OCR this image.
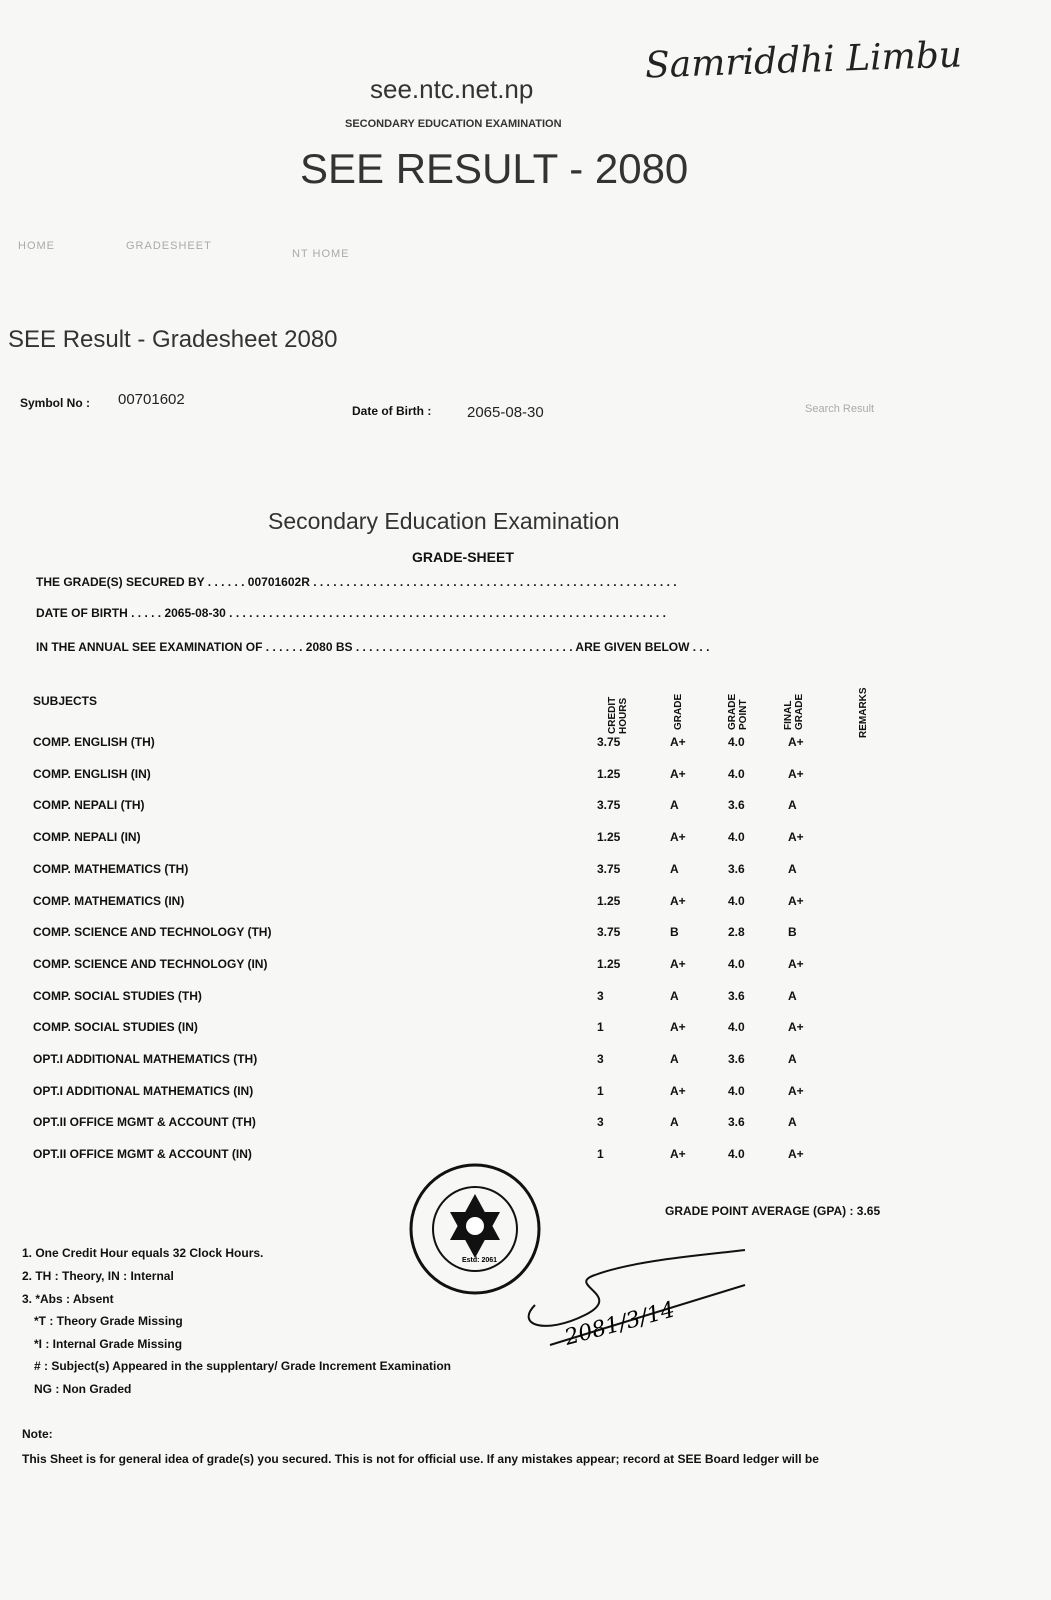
Samriddhi Limbu
see.ntc.net.np
SECONDARY EDUCATION EXAMINATION
SEE RESULT - 2080
HOME	GRADESHEET
NT HOME
SEE Result - Gradesheet 2080
Symbol No : 00701602
Date of Birth : 2065-08-30	Search Result
Secondary Education Examination
GRADE-SHEET
THE GRADE(S) SECURED BY . . . . . . 00701602R . . . . . . . . . . . . . . . . . . . . . . . . . . . . . . . . . . . . . . . . . . . . . . . . . . . . . . .
DATE OF BIRTH . . . . . 2065-08-30 . . . . . . . . . . . . . . . . . . . . . . . . . . . . . . . . . . . . . . . . . . . . . . . . . . . . . . . . . . . . . . . . . .
IN THE ANNUAL SEE EXAMINATION OF . . . . . . 2080 BS . . . . . . . . . . . . . . . . . . . . . . . . . . . . . . . . . ARE GIVEN BELOW . . .
SUBJECTS	CREDIT HOURS	GRADE	GRADE POINT	FINAL GRADE	REMARKS
COMP. ENGLISH (TH)	3.75	A+	4.0	A+
COMP. ENGLISH (IN)	1.25	A+	4.0	A+
COMP. NEPALI (TH)	3.75	A	3.6	A
COMP. NEPALI (IN)	1.25	A+	4.0	A+
COMP. MATHEMATICS (TH)	3.75	A	3.6	A
COMP. MATHEMATICS (IN)	1.25	A+	4.0	A+
COMP. SCIENCE AND TECHNOLOGY (TH)	3.75	B	2.8	B
COMP. SCIENCE AND TECHNOLOGY (IN)	1.25	A+	4.0	A+
COMP. SOCIAL STUDIES (TH)	3	A	3.6	A
COMP. SOCIAL STUDIES (IN)	1	A+	4.0	A+
OPT.I ADDITIONAL MATHEMATICS (TH)	3	A	3.6	A
OPT.I ADDITIONAL MATHEMATICS (IN)	1	A+	4.0	A+
OPT.II OFFICE MGMT & ACCOUNT (TH)	3	A	3.6	A
OPT.II OFFICE MGMT & ACCOUNT (IN)	1	A+	4.0	A+
GRADE POINT AVERAGE (GPA) : 3.65
Estd: 2061
2081/3/14
1. One Credit Hour equals 32 Clock Hours.
2. TH : Theory, IN : Internal
3. *Abs : Absent
*T : Theory Grade Missing
*I : Internal Grade Missing
# : Subject(s) Appeared in the supplentary/ Grade Increment Examination
NG : Non Graded
Note:
This Sheet is for general idea of grade(s) you secured. This is not for official use. If any mistakes appear; record at SEE Board ledger will be
